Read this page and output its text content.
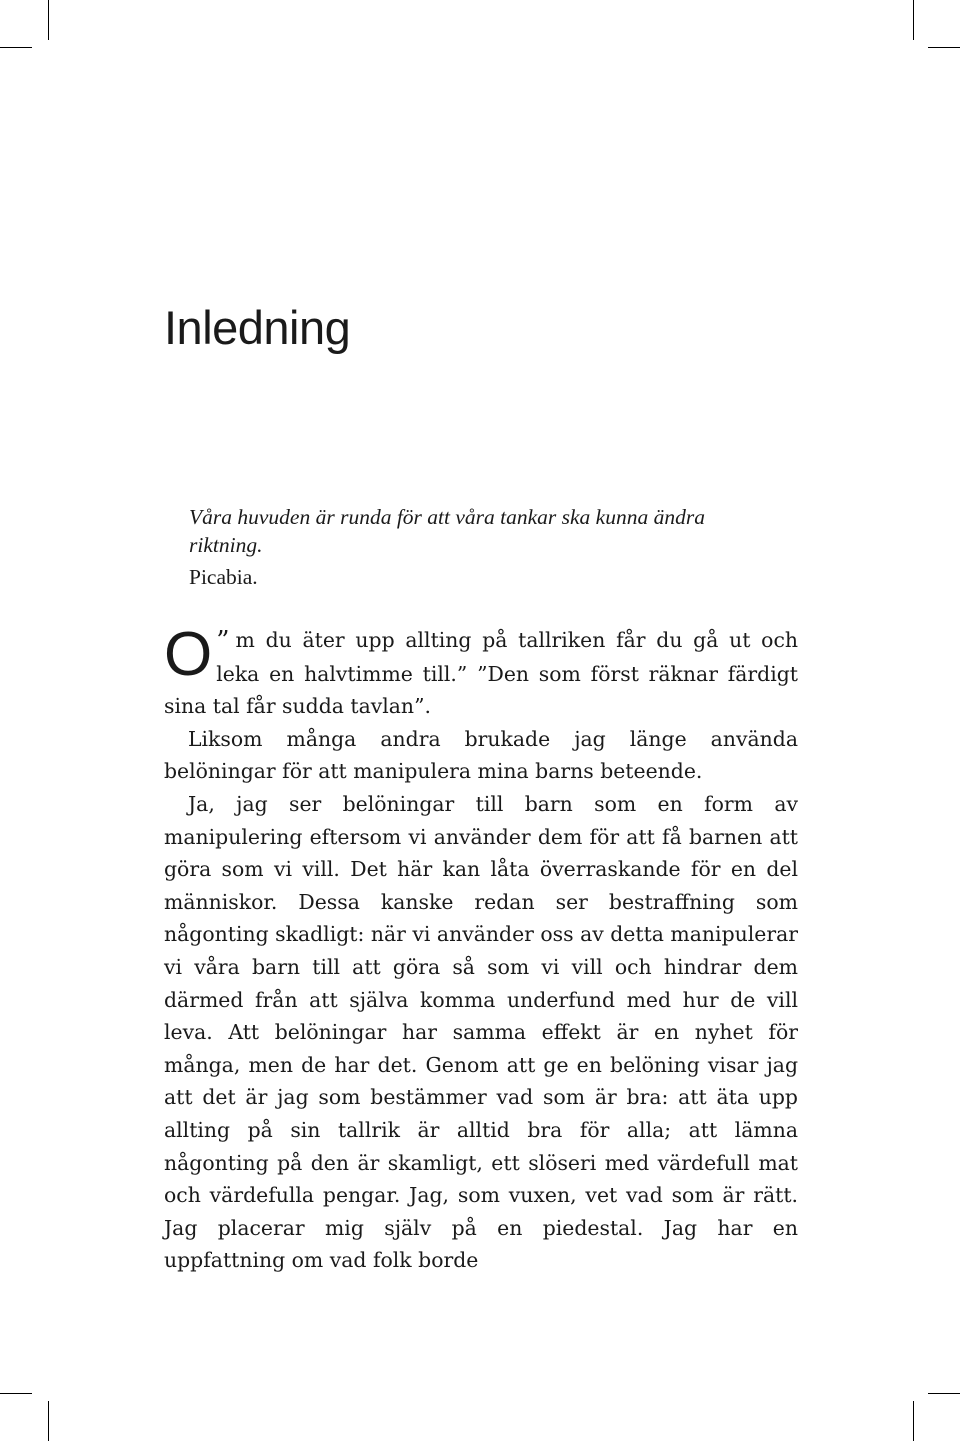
Inledning
Våra huvuden är runda för att våra tankar ska kunna ändra riktning.
Picabia.

”
O m du äter upp allting på tallriken får du gå ut och leka en halvtimme till.” ”Den som först räknar färdigt sina tal får sudda tavlan”.

Liksom många andra brukade jag länge använda belöningar för att manipulera mina barns beteende.

Ja, jag ser belöningar till barn som en form av manipulering eftersom vi använder dem för att få barnen att göra som vi vill. Det här kan låta överraskande för en del människor. Dessa kanske redan ser bestraffning som någonting skadligt: när vi använder oss av detta manipulerar vi våra barn till att göra så som vi vill och hindrar dem därmed från att själva komma underfund med hur de vill leva. Att belöningar har samma effekt är en nyhet för många, men de har det. Genom att ge en belöning visar jag att det är jag som bestämmer vad som är bra: att äta upp allting på sin tallrik är alltid bra för alla; att lämna någonting på den är skamligt, ett slöseri med värdefull mat och värdefulla pengar. Jag, som vuxen, vet vad som är rätt. Jag placerar mig själv på en piedestal. Jag har en uppfattning om vad folk borde
